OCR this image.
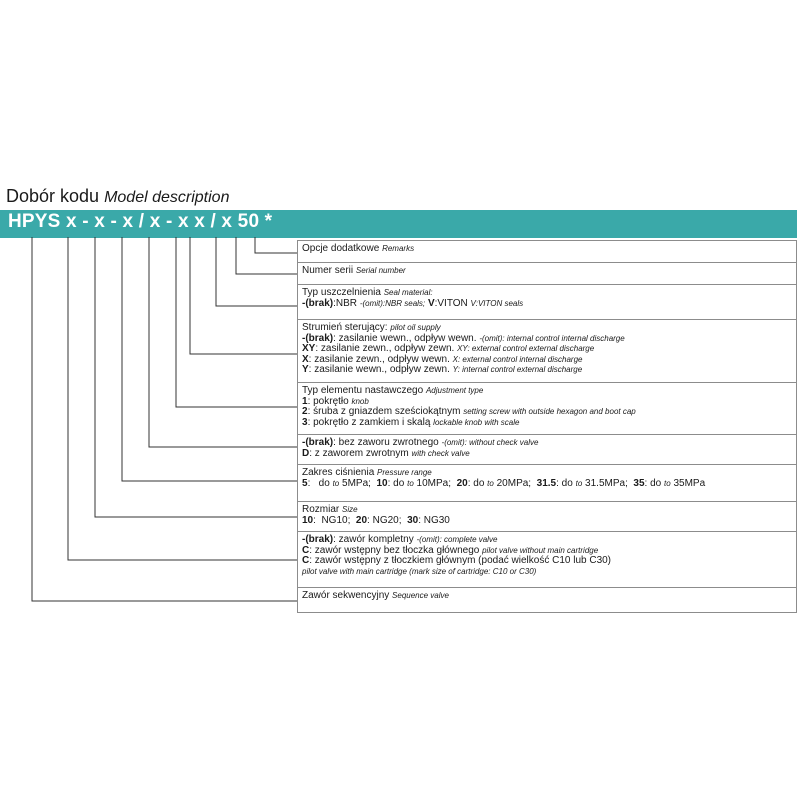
Dobór kodu Model description
HPYS x - x - x / x - x x / x 50 *
Opcje dodatkowe Remarks
Numer serii Serial number
Typ uszczelnienia Seal material:
-(brak):NBR -(omit):NBR seals; V:VITON V:VITON seals
Strumień sterujący: pilot oil supply
-(brak): zasilanie wewn., odpływ wewn. -(omit): internal control internal discharge
XY: zasilanie zewn., odpływ zewn. XY: external control external discharge
X: zasilanie zewn., odpływ wewn. X: external control internal discharge
Y: zasilanie wewn., odpływ zewn. Y: internal control external discharge
Typ elementu nastawczego Adjustment type
1: pokrętło knob
2: śruba z gniazdem sześciokątnym setting screw with outside hexagon and boot cap
3: pokrętło z zamkiem i skalą lockable knob with scale
-(brak): bez zaworu zwrotnego -(omit): without check valve
D: z zaworem zwrotnym with check valve
Zakres ciśnienia Pressure range
5:   do to 5MPa;  10: do to 10MPa;  20: do to 20MPa;  31.5: do to 31.5MPa;  35: do to 35MPa
Rozmiar Size
10:  NG10;  20: NG20;  30: NG30
-(brak): zawór kompletny -(omit): complete valve
C: zawór wstępny bez tłoczka głównego pilot valve without main cartridge
C: zawór wstępny z tłoczkiem głównym (podać wielkość C10 lub C30)
pilot valve with main cartridge (mark size of cartridge: C10 or C30)
Zawór sekwencyjny Sequence valve
